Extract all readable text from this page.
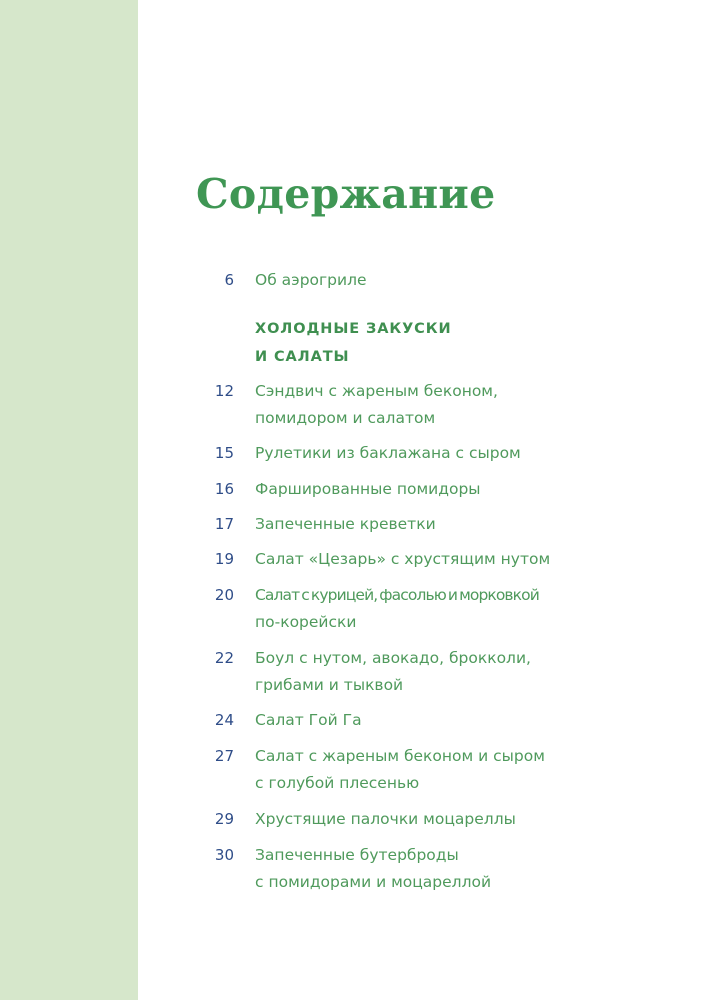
Содержание
6 Об аэрогриле
ХОЛОДНЫЕ ЗАКУСКИ
И САЛАТЫ
12 Сэндвич с жареным беконом,
помидором и салатом
15 Рулетики из баклажана с сыром
16 Фаршированные помидоры
17 Запеченные креветки
19 Салат «Цезарь» с хрустящим нутом
20 Салат с курицей, фасолью и морковкой
по-корейски
22 Боул с нутом, авокадо, брокколи,
грибами и тыквой
24 Салат Гой Га
27 Салат с жареным беконом и сыром
с голубой плесенью
29 Хрустящие палочки моцареллы
30 Запеченные бутерброды
с помидорами и моцареллой
